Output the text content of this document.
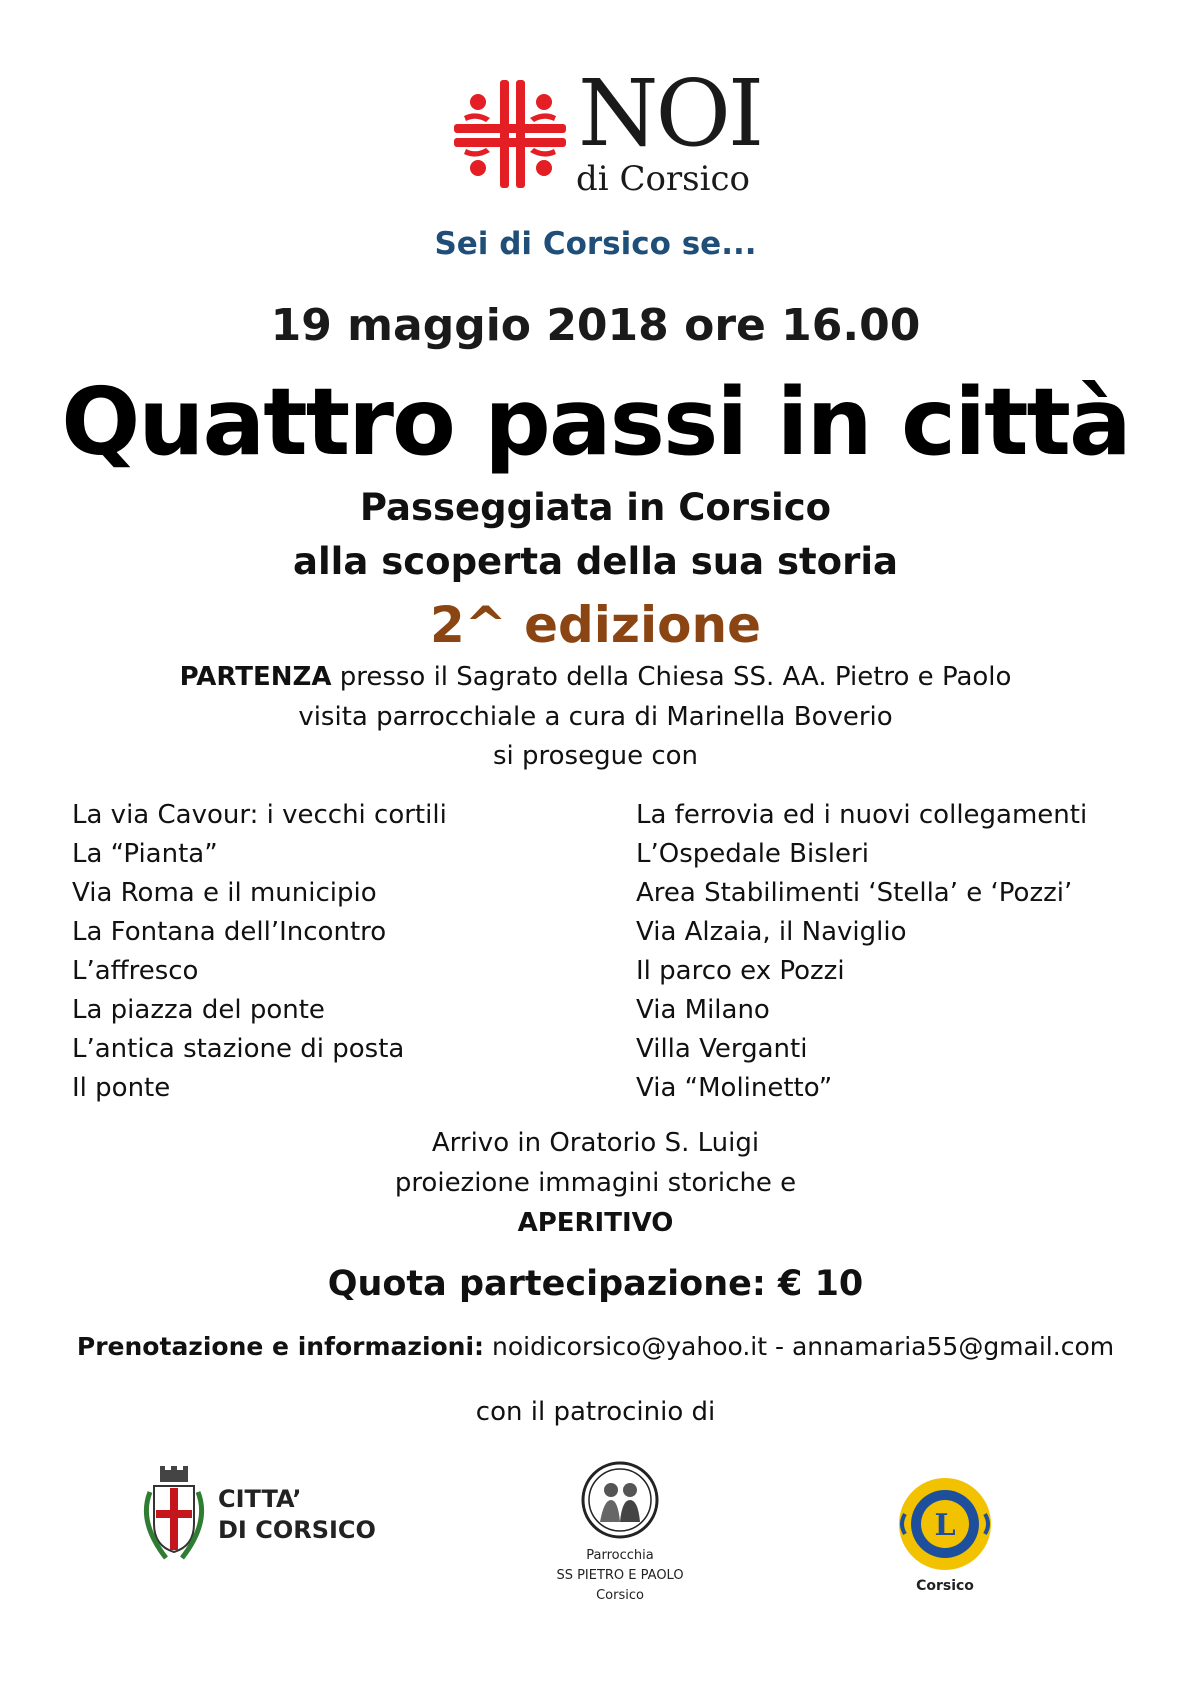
NOI
di Corsico
Sei di Corsico se...
19 maggio 2018 ore 16.00
Quattro passi in città
Passeggiata in Corsico
alla scoperta della sua storia
2^ edizione
PARTENZA presso il Sagrato della Chiesa SS. AA. Pietro e Paolo
visita parrocchiale a cura di Marinella Boverio
si prosegue con
La via Cavour: i vecchi cortili
La “Pianta”
Via Roma e il municipio
La Fontana dell’Incontro
L’affresco
La piazza del ponte
L’antica stazione di posta
Il ponte
La ferrovia ed i nuovi collegamenti
L’Ospedale Bisleri
Area Stabilimenti ‘Stella’ e ‘Pozzi’
Via Alzaia, il Naviglio
Il parco ex Pozzi
Via Milano
Villa Verganti
Via “Molinetto”
Arrivo in Oratorio S. Luigi
proiezione immagini storiche e
APERITIVO
Quota partecipazione: € 10
Prenotazione e informazioni: noidicorsico@yahoo.it - annamaria55@gmail.com
con il patrocinio di
CITTA’
DI CORSICO
Parrocchia
SS PIETRO E PAOLO
Corsico
L
Corsico
